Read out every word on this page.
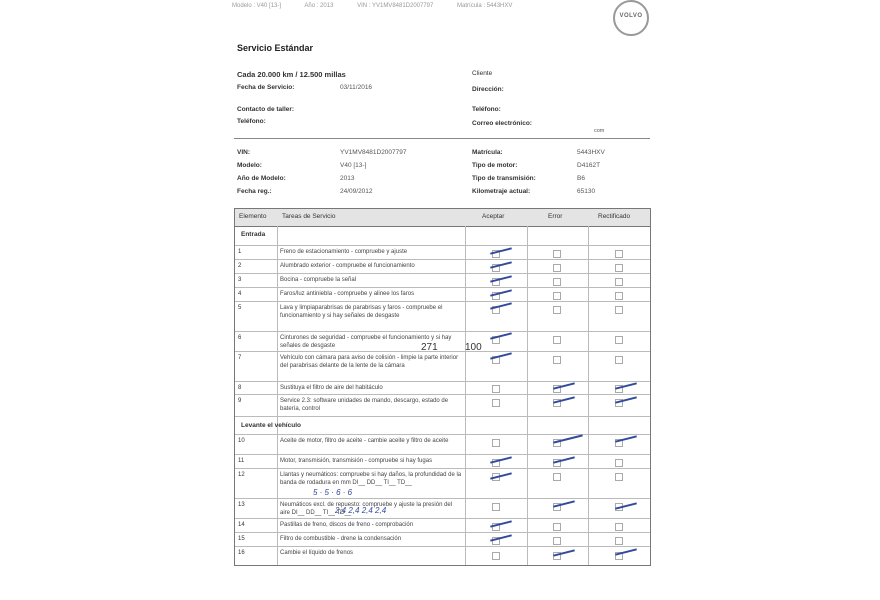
Modelo : V40 [13-]	Año : 2013	VIN : YV1MV8481D2007797	Matrícula : 5443HXV
VOLVO
Servicio Estándar
Cada 20.000 km / 12.500 millas
Fecha de Servicio:	03/11/2016
Contacto de taller:
Teléfono:
Cliente
Dirección:
Teléfono:
Correo electrónico:
com
VIN:	YV1MV8481D2007797
Modelo:	V40 [13-]
Año de Modelo:	2013
Fecha reg.:	24/09/2012
Matrícula:	5443HXV
Tipo de motor:	D4162T
Tipo de transmisión:	B6
Kilometraje actual:	65130
Elemento Tareas de Servicio	Aceptar	Error	Rectificado
Entrada
1	Freno de estacionamiento - compruebe y ajuste
2	Alumbrado exterior - compruebe el funcionamiento
3	Bocina - compruebe la señal
4	Faros/luz antiniebla - compruebe y alinee los faros
5	Lava y limpiaparabrisas de parabrisas y faros - compruebe el funcionamiento y si hay señales de desgaste
6	Cinturones de seguridad - compruebe el funcionamiento y si hay señales de desgaste
7	Vehículo con cámara para aviso de colisión - limpie la parte interior del parabrisas delante de la lente de la cámara
8	Sustituya el filtro de aire del habitáculo
9	Service 2.3: software unidades de mando, descargo, estado de batería, control
Levante el vehículo
10	Aceite de motor, filtro de aceite - cambie aceite y filtro de aceite
11	Motor, transmisión, transmisión - compruebe si hay fugas
12	Llantas y neumáticos: compruebe si hay daños, la profundidad de la banda de rodadura en mm DI__ DD__ TI__ TD__
13	Neumáticos excl. de repuesto: compruebe y ajuste la presión del aire DI__ DD__ TI__ TD__
14	Pastillas de freno, discos de freno - comprobación
15	Filtro de combustible - drene la condensación
16	Cambie el líquido de frenos
5 · 5 · 6 · 6
2,4 2,4 2,4 2,4
271	100
